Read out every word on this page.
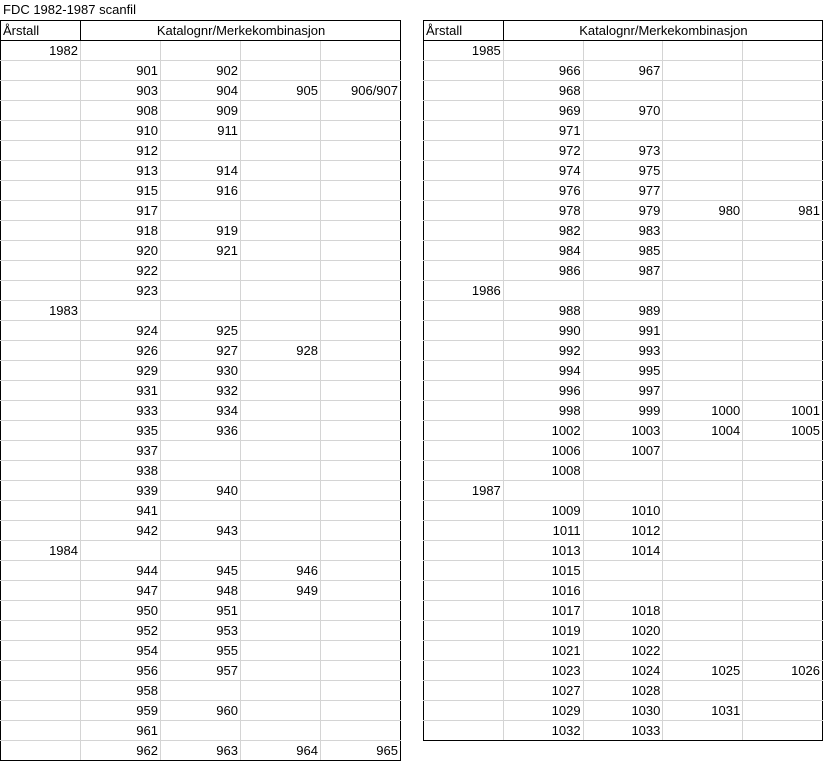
FDC 1982-1987 scanfil
Årstall	Katalognr/Merkekombinasjon			
1982				
	901	902		
	903	904	905	906/907
	908	909		
	910	911		
	912			
	913	914		
	915	916		
	917			
	918	919		
	920	921		
	922			
	923			
1983				
	924	925		
	926	927	928	
	929	930		
	931	932		
	933	934		
	935	936		
	937			
	938			
	939	940		
	941			
	942	943		
1984				
	944	945	946	
	947	948	949	
	950	951		
	952	953		
	954	955		
	956	957		
	958			
	959	960		
	961			
	962	963	964	965
Årstall	Katalognr/Merkekombinasjon			
1985				
	966	967		
	968			
	969	970		
	971			
	972	973		
	974	975		
	976	977		
	978	979	980	981
	982	983		
	984	985		
	986	987		
1986				
	988	989		
	990	991		
	992	993		
	994	995		
	996	997		
	998	999	1000	1001
	1002	1003	1004	1005
	1006	1007		
	1008			
1987				
	1009	1010		
	1011	1012		
	1013	1014		
	1015			
	1016			
	1017	1018		
	1019	1020		
	1021	1022		
	1023	1024	1025	1026
	1027	1028		
	1029	1030	1031	
	1032	1033		
